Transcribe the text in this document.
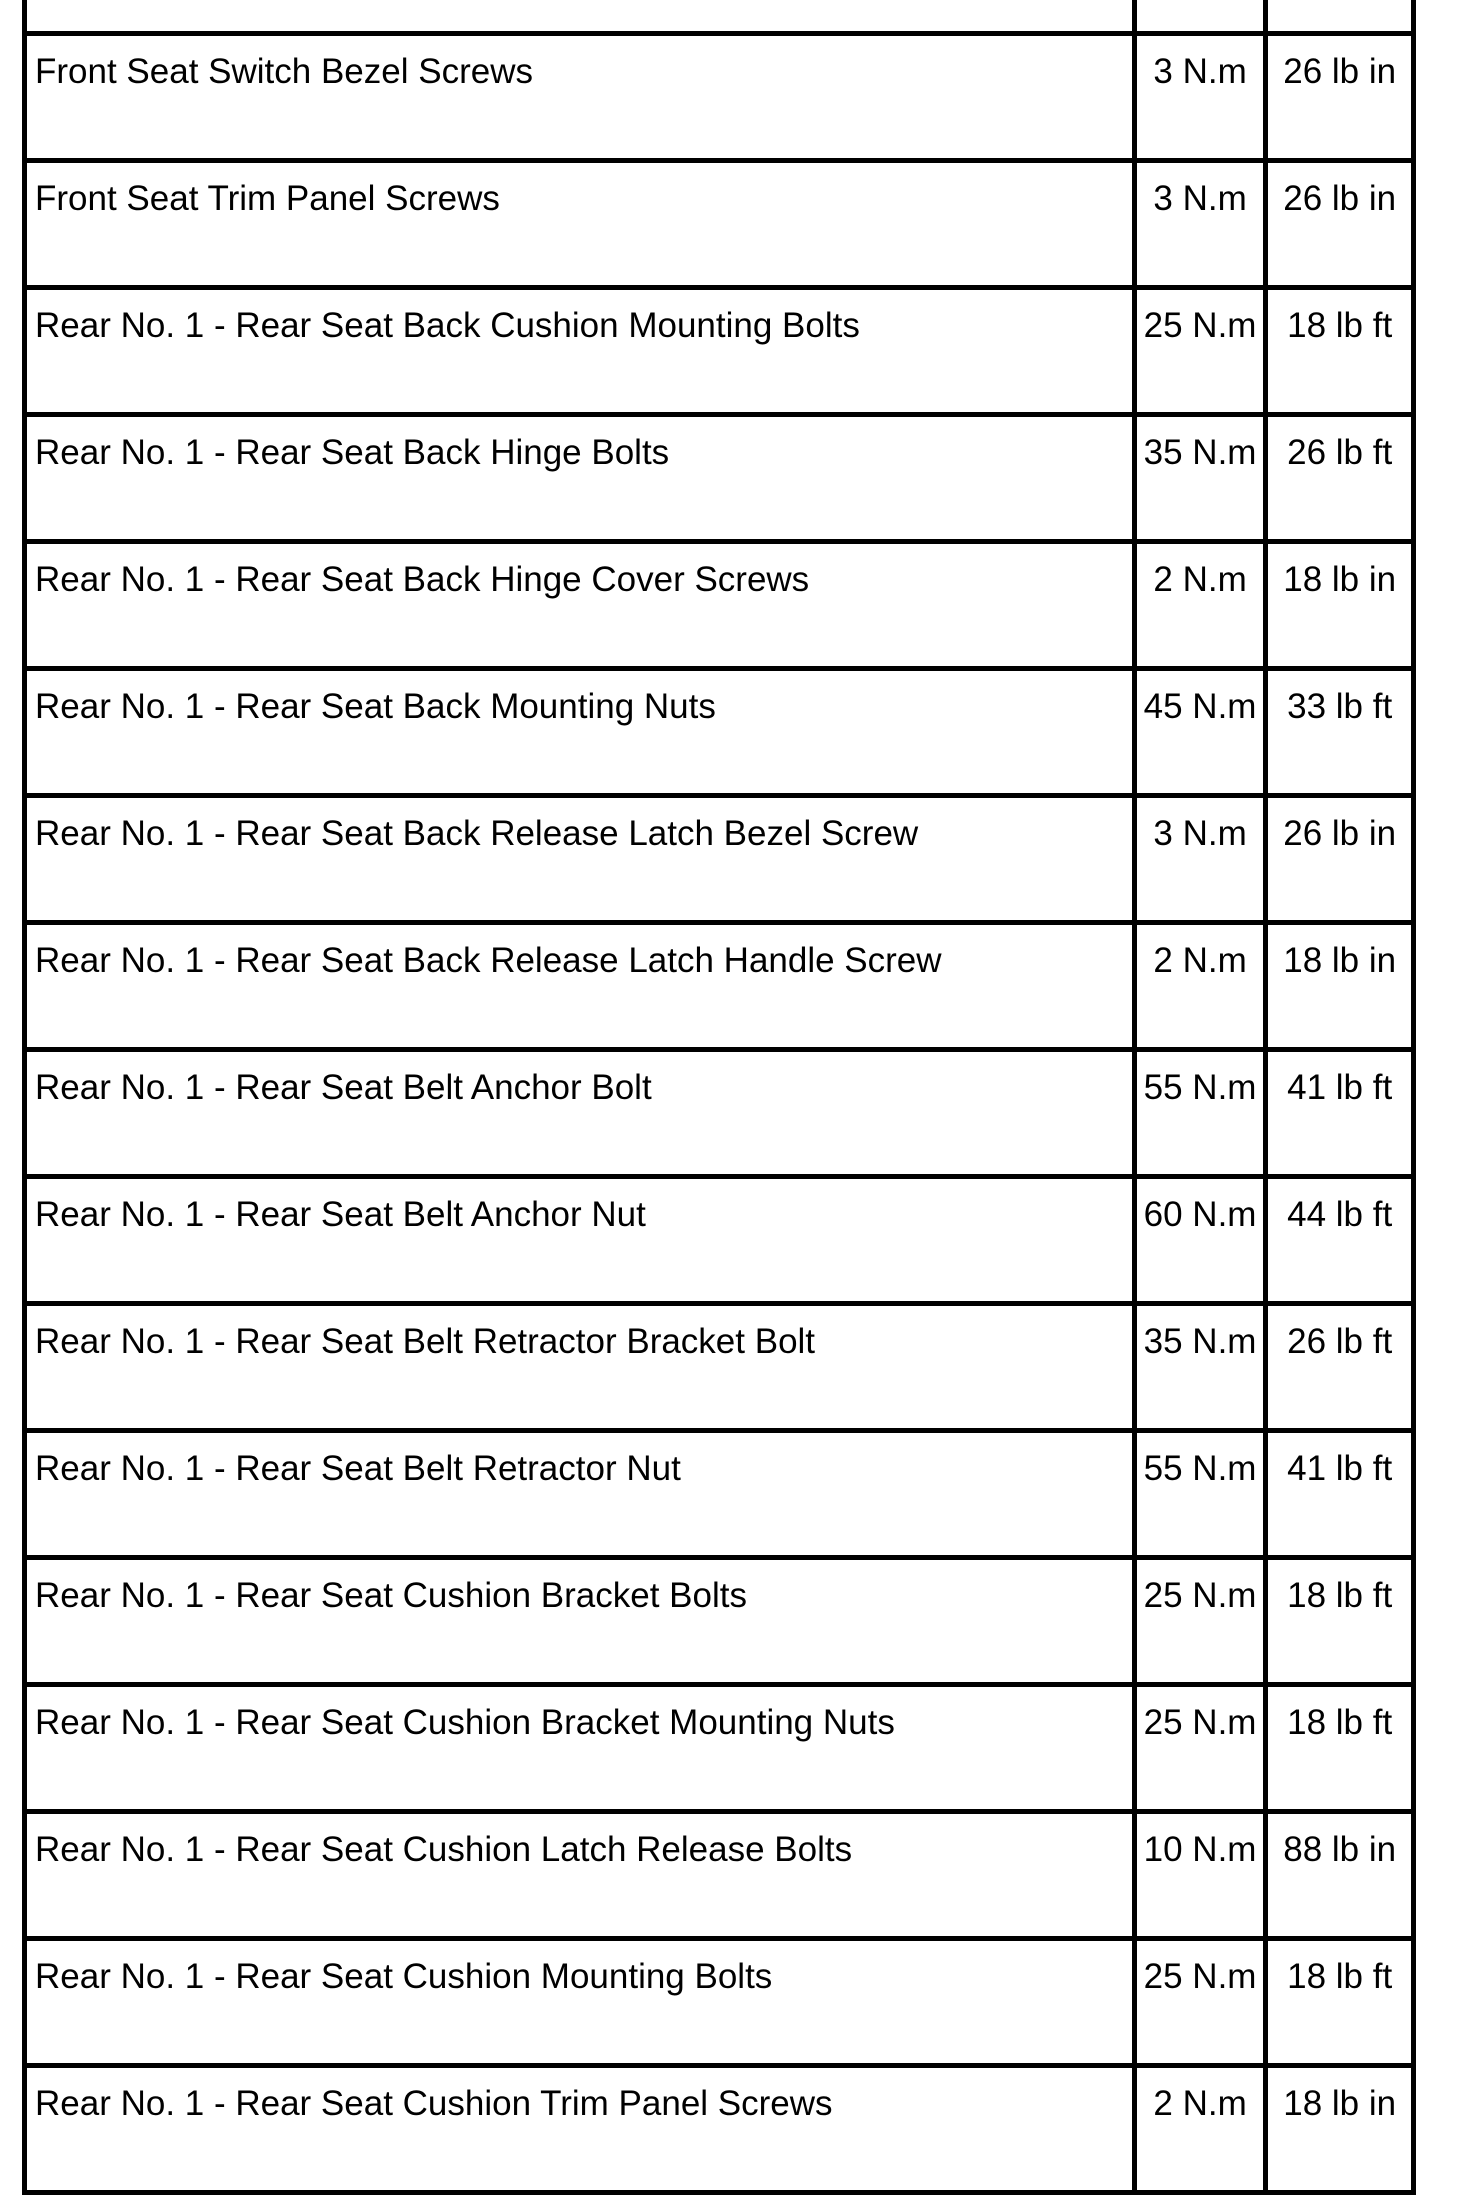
Front Seat Switch Bezel Screws	3 N.m	26 lb in
Front Seat Trim Panel Screws	3 N.m	26 lb in
Rear No. 1 - Rear Seat Back Cushion Mounting Bolts	25 N.m	18 lb ft
Rear No. 1 - Rear Seat Back Hinge Bolts	35 N.m	26 lb ft
Rear No. 1 - Rear Seat Back Hinge Cover Screws	2 N.m	18 lb in
Rear No. 1 - Rear Seat Back Mounting Nuts	45 N.m	33 lb ft
Rear No. 1 - Rear Seat Back Release Latch Bezel Screw	3 N.m	26 lb in
Rear No. 1 - Rear Seat Back Release Latch Handle Screw	2 N.m	18 lb in
Rear No. 1 - Rear Seat Belt Anchor Bolt	55 N.m	41 lb ft
Rear No. 1 - Rear Seat Belt Anchor Nut	60 N.m	44 lb ft
Rear No. 1 - Rear Seat Belt Retractor Bracket Bolt	35 N.m	26 lb ft
Rear No. 1 - Rear Seat Belt Retractor Nut	55 N.m	41 lb ft
Rear No. 1 - Rear Seat Cushion Bracket Bolts	25 N.m	18 lb ft
Rear No. 1 - Rear Seat Cushion Bracket Mounting Nuts	25 N.m	18 lb ft
Rear No. 1 - Rear Seat Cushion Latch Release Bolts	10 N.m	88 lb in
Rear No. 1 - Rear Seat Cushion Mounting Bolts	25 N.m	18 lb ft
Rear No. 1 - Rear Seat Cushion Trim Panel Screws	2 N.m	18 lb in
